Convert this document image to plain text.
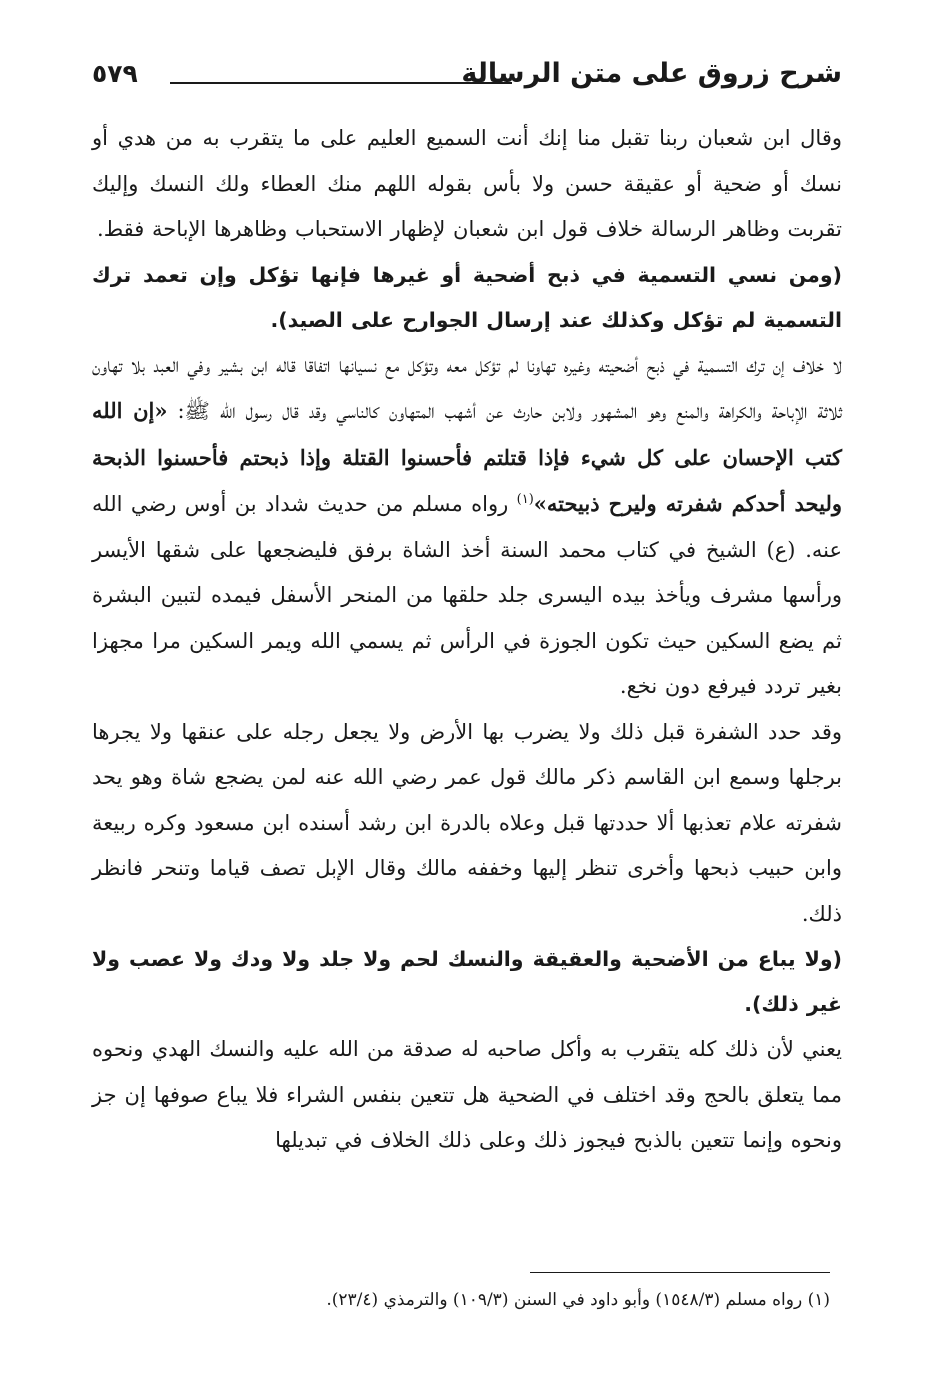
شرح زروق على متن الرسالة
٥٧٩

وقال ابن شعبان ربنا تقبل منا إنك أنت السميع العليم على ما يتقرب به من هدي أو نسك أو ضحية أو عقيقة حسن ولا بأس بقوله اللهم منك العطاء ولك النسك وإليك تقربت وظاهر الرسالة خلاف قول ابن شعبان لإظهار الاستحباب وظاهرها الإباحة فقط.

(ومن نسي التسمية في ذبح أضحية أو غيرها فإنها تؤكل وإن تعمد ترك التسمية لم تؤكل وكذلك عند إرسال الجوارح على الصيد).

لا خلاف إن ترك التسمية في ذبح أضحيته وغيره تهاونا لم تؤكل معه وتؤكل مع نسيانها اتفاقا قاله ابن بشير وفي العبد بلا تهاون ثلاثة الإباحة والكراهة والمنع وهو المشهور ولابن حارث عن أشهب المتهاون كالناسي وقد قال رسول الله ﷺ: «إن الله كتب الإحسان على كل شيء فإذا قتلتم فأحسنوا القتلة وإذا ذبحتم فأحسنوا الذبحة وليحد أحدكم شفرته وليرح ذبيحته»$^{(١)}$ رواه مسلم من حديث شداد بن أوس رضي الله عنه. (ع) الشيخ في كتاب محمد السنة أخذ الشاة برفق فليضجعها على شقها الأيسر ورأسها مشرف ويأخذ بيده اليسرى جلد حلقها من المنحر الأسفل فيمده لتبين البشرة ثم يضع السكين حيث تكون الجوزة في الرأس ثم يسمي الله ويمر السكين مرا مجهزا بغير تردد فيرفع دون نخع.

وقد حدد الشفرة قبل ذلك ولا يضرب بها الأرض ولا يجعل رجله على عنقها ولا يجرها برجلها وسمع ابن القاسم ذكر مالك قول عمر رضي الله عنه لمن يضجع شاة وهو يحد شفرته علام تعذبها ألا حددتها قبل وعلاه بالدرة ابن رشد أسنده ابن مسعود وكره ربيعة وابن حبيب ذبحها وأخرى تنظر إليها وخففه مالك وقال الإبل تصف قياما وتنحر فانظر ذلك.

(ولا يباع من الأضحية والعقيقة والنسك لحم ولا جلد ولا ودك ولا عصب ولا غير ذلك).

يعني لأن ذلك كله يتقرب به وأكل صاحبه له صدقة من الله عليه والنسك الهدي ونحوه مما يتعلق بالحج وقد اختلف في الضحية هل تتعين بنفس الشراء فلا يباع صوفها إن جز ونحوه وإنما تتعين بالذبح فيجوز ذلك وعلى ذلك الخلاف في تبديلها

(١) رواه مسلم (١٥٤٨/٣) وأبو داود في السنن (١٠٩/٣) والترمذي (٢٣/٤).
